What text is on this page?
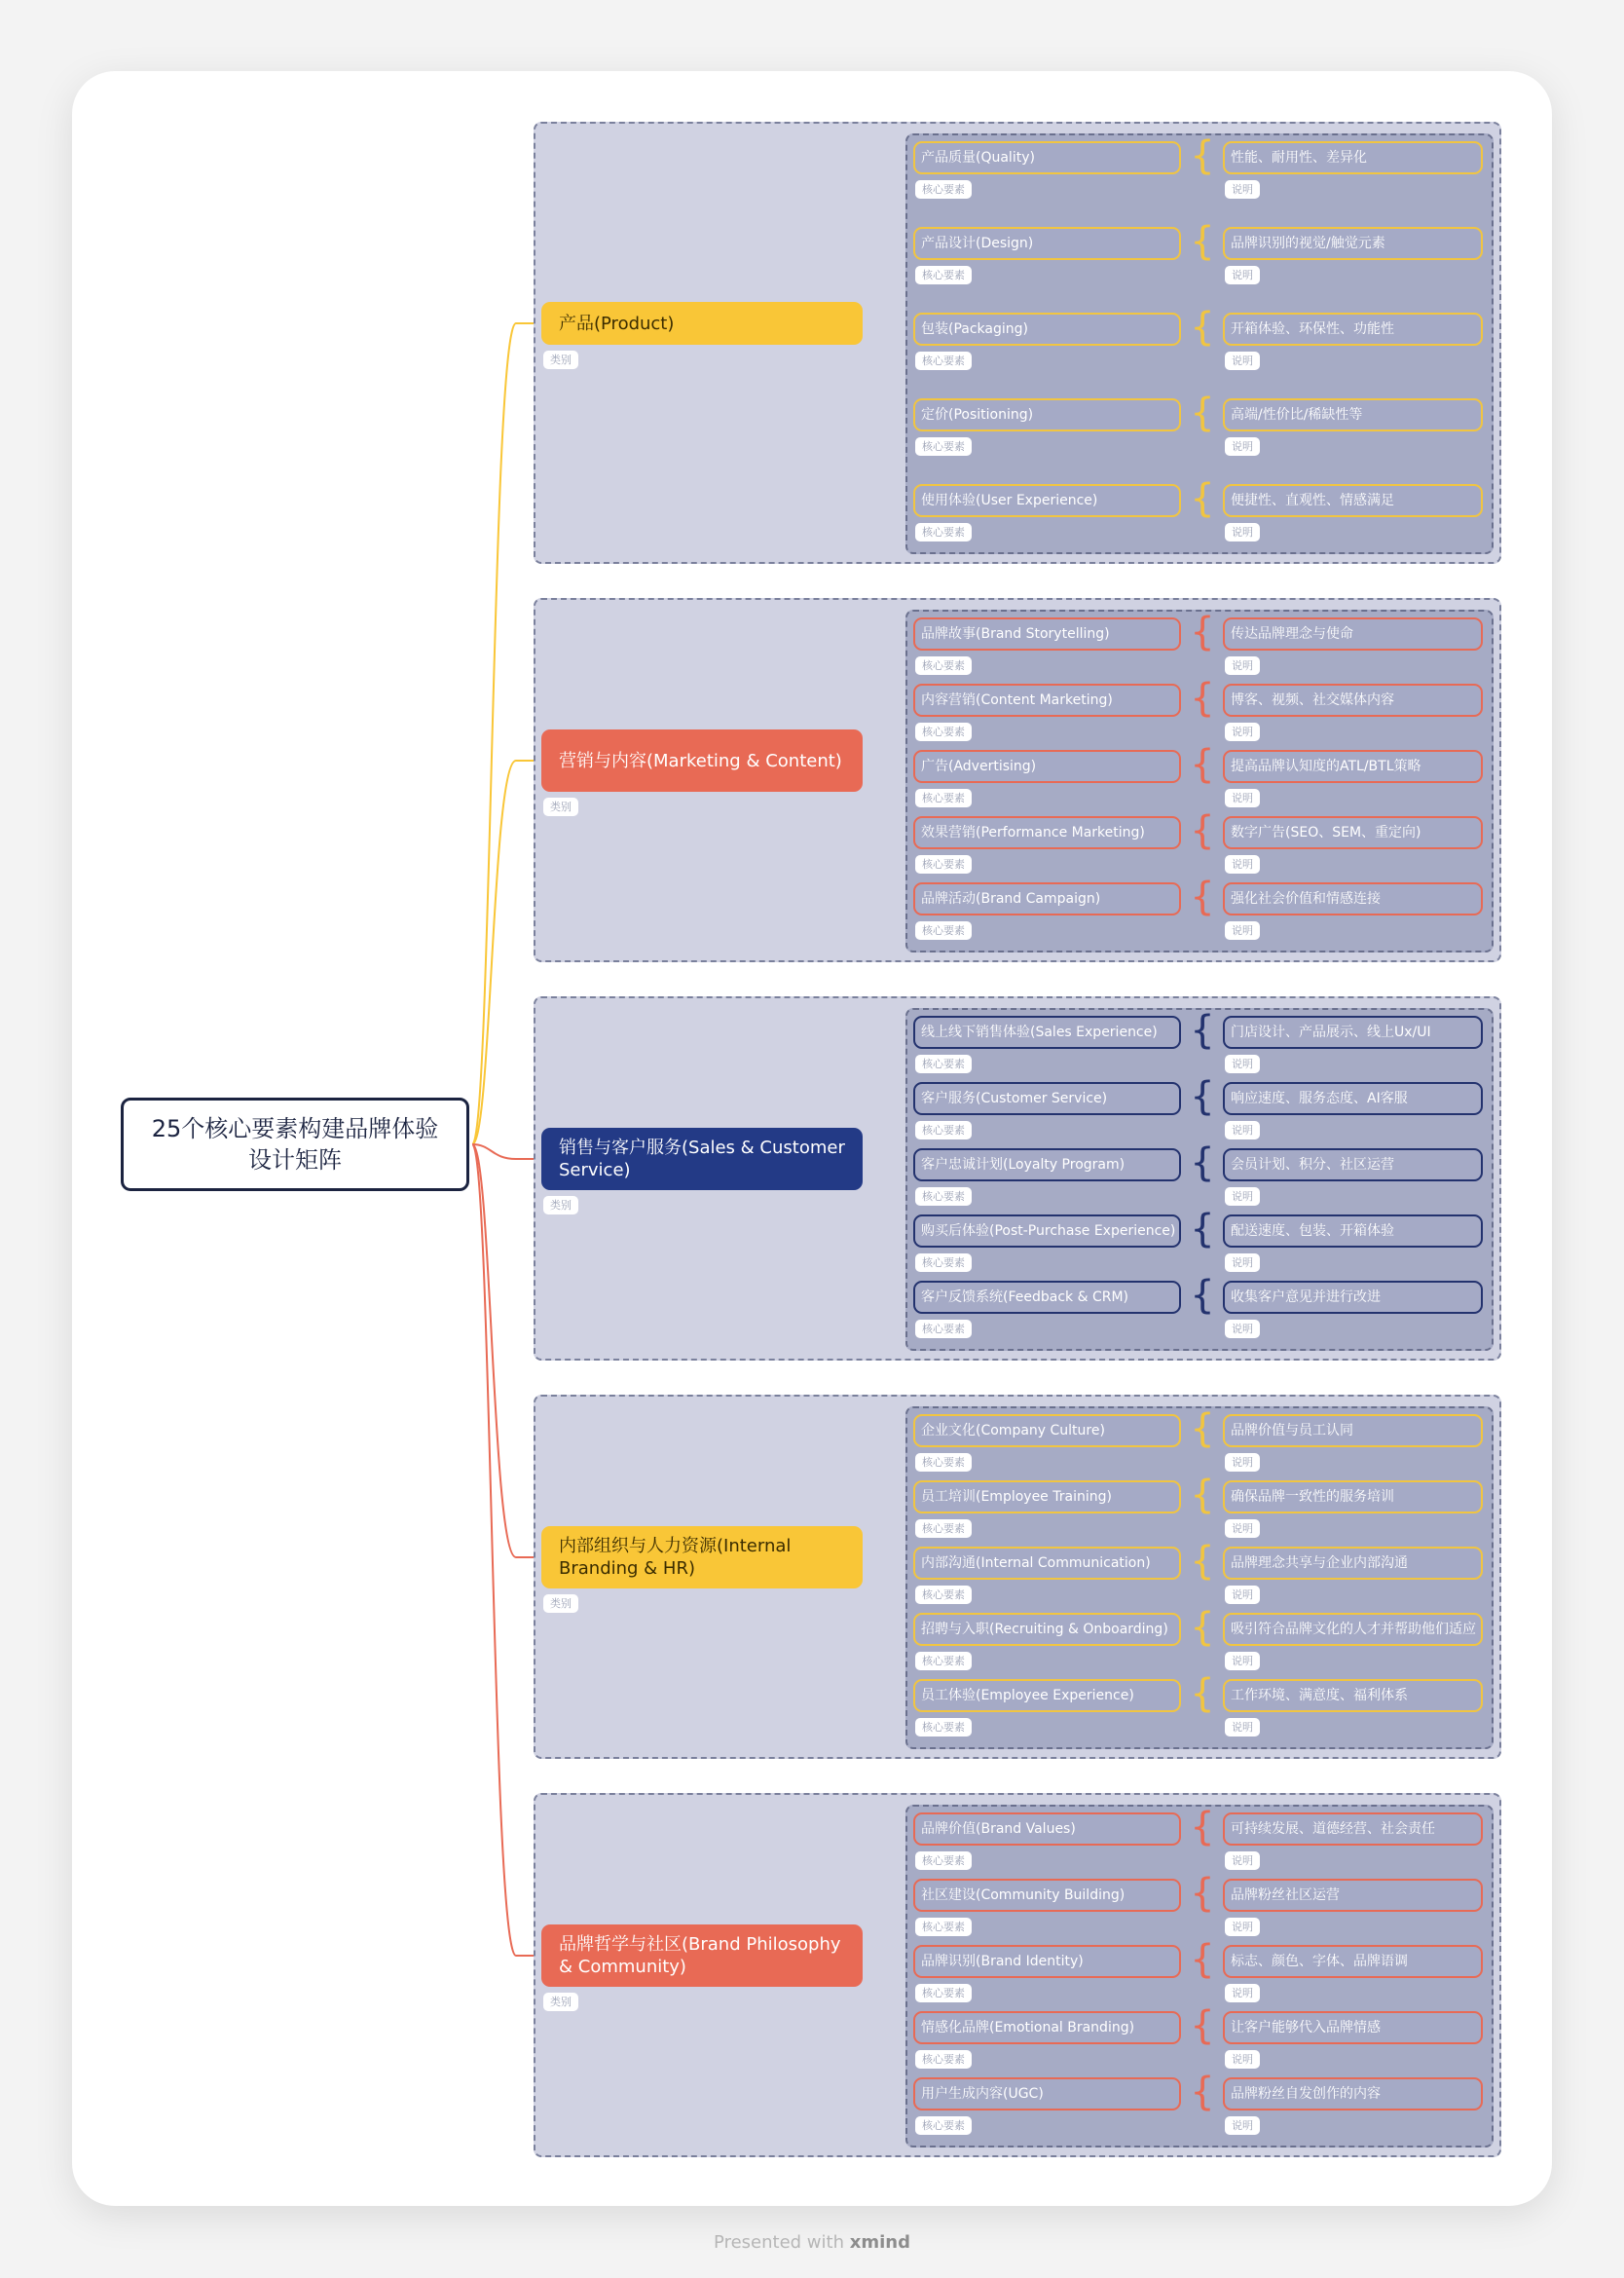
25个核心要素构建品牌体验设计矩阵
产品(Product)
类别
产品质量(Quality)
核心要素
{	性能、耐用性、差异化
说明
产品设计(Design)
核心要素
{	品牌识别的视觉/触觉元素
说明
包装(Packaging)
核心要素
{	开箱体验、环保性、功能性
说明
定价(Positioning)
核心要素
{	高端/性价比/稀缺性等
说明
使用体验(User Experience)
核心要素
{	便捷性、直观性、情感满足
说明
营销与内容(Marketing & Content)
类别
品牌故事(Brand Storytelling)
核心要素
{	传达品牌理念与使命
说明
内容营销(Content Marketing)
核心要素
{	博客、视频、社交媒体内容
说明
广告(Advertising)
核心要素
{	提高品牌认知度的ATL/BTL策略
说明
效果营销(Performance Marketing)
核心要素
{	数字广告(SEO、SEM、重定向)
说明
品牌活动(Brand Campaign)
核心要素
{	强化社会价值和情感连接
说明
销售与客户服务(Sales & Customer Service)
类别
线上线下销售体验(Sales Experience)
核心要素
{	门店设计、产品展示、线上Ux/UI
说明
客户服务(Customer Service)
核心要素
{	响应速度、服务态度、AI客服
说明
客户忠诚计划(Loyalty Program)
核心要素
{	会员计划、积分、社区运营
说明
购买后体验(Post-Purchase Experience)
核心要素
{	配送速度、包装、开箱体验
说明
客户反馈系统(Feedback & CRM)
核心要素
{	收集客户意见并进行改进
说明
内部组织与人力资源(Internal Branding & HR)
类别
企业文化(Company Culture)
核心要素
{	品牌价值与员工认同
说明
员工培训(Employee Training)
核心要素
{	确保品牌一致性的服务培训
说明
内部沟通(Internal Communication)
核心要素
{	品牌理念共享与企业内部沟通
说明
招聘与入职(Recruiting & Onboarding)
核心要素
{	吸引符合品牌文化的人才并帮助他们适应
说明
员工体验(Employee Experience)
核心要素
{	工作环境、满意度、福利体系
说明
品牌哲学与社区(Brand Philosophy & Community)
类别
品牌价值(Brand Values)
核心要素
{	可持续发展、道德经营、社会责任
说明
社区建设(Community Building)
核心要素
{	品牌粉丝社区运营
说明
品牌识别(Brand Identity)
核心要素
{	标志、颜色、字体、品牌语调
说明
情感化品牌(Emotional Branding)
核心要素
{	让客户能够代入品牌情感
说明
用户生成内容(UGC)
核心要素
{	品牌粉丝自发创作的内容
说明
Presented with xmind
